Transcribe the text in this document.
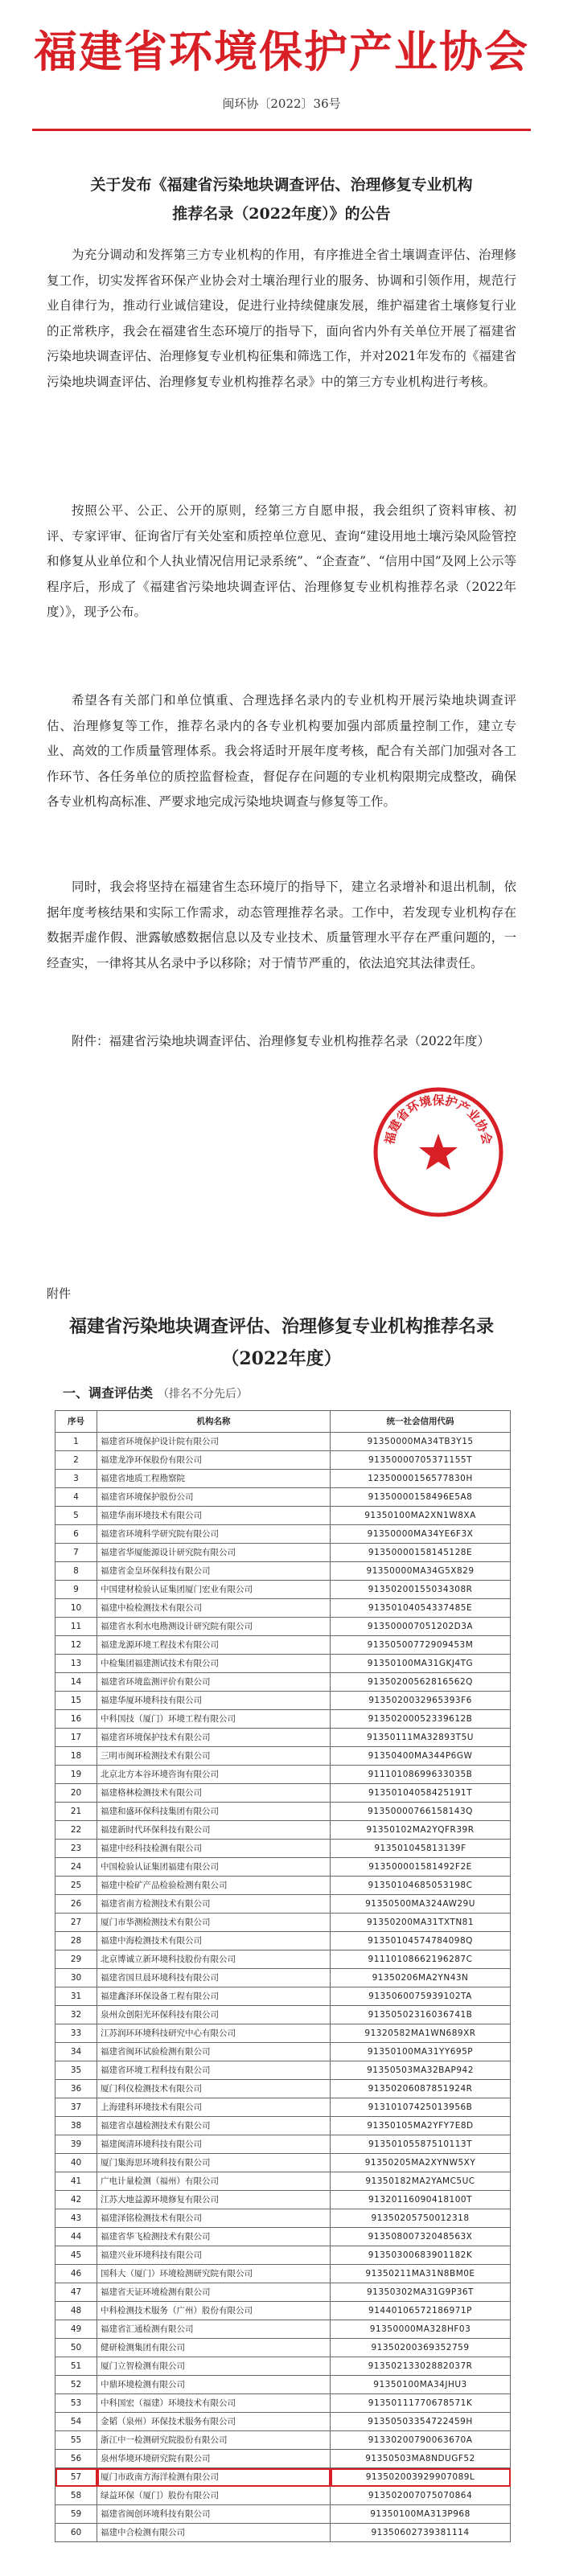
福建省环境保护产业协会
闽环协〔2022〕36号
关于发布《福建省污染地块调查评估、治理修复专业机构
推荐名录（2022年度）》的公告

为充分调动和发挥第三方专业机构的作用，有序推进全省土壤调查评估、治理修复工作，切实发挥省环保产业协会对土壤治理行业的服务、协调和引领作用，规范行业自律行为，推动行业诚信建设，促进行业持续健康发展，维护福建省土壤修复行业的正常秩序，我会在福建省生态环境厅的指导下，面向省内外有关单位开展了福建省污染地块调查评估、治理修复专业机构征集和筛选工作，并对2021年发布的《福建省污染地块调查评估、治理修复专业机构推荐名录》中的第三方专业机构进行考核。

按照公平、公正、公开的原则，经第三方自愿申报，我会组织了资料审核、初评、专家评审、征询省厅有关处室和质控单位意见、查询“建设用地土壤污染风险管控和修复从业单位和个人执业情况信用记录系统”、“企查查”、“信用中国”及网上公示等程序后，形成了《福建省污染地块调查评估、治理修复专业机构推荐名录（2022年度）》，现予公布。

希望各有关部门和单位慎重、合理选择名录内的专业机构开展污染地块调查评估、治理修复等工作，推荐名录内的各专业机构要加强内部质量控制工作，建立专业、高效的工作质量管理体系。我会将适时开展年度考核，配合有关部门加强对各工作环节、各任务单位的质控监督检查，督促存在问题的专业机构限期完成整改，确保各专业机构高标准、严要求地完成污染地块调查与修复等工作。

同时，我会将坚持在福建省生态环境厅的指导下，建立名录增补和退出机制，依据年度考核结果和实际工作需求，动态管理推荐名录。工作中，若发现专业机构存在数据弄虚作假、泄露敏感数据信息以及专业技术、质量管理水平存在严重问题的，一经查实，一律将其从名录中予以移除；对于情节严重的，依法追究其法律责任。

附件：福建省污染地块调查评估、治理修复专业机构推荐名录（2022年度）

福建省环境保护产业协会
附件
福建省污染地块调查评估、治理修复专业机构推荐名录
（2022年度）
一、调查评估类 （排名不分先后）
序号	机构名称	统一社会信用代码
1	福建省环境保护设计院有限公司	91350000MA34TB3Y15
2	福建龙净环保股份有限公司	91350000705371155T
3	福建省地质工程勘察院	12350000156577830H
4	福建省环境保护股份公司	91350000158496E5A8
5	福建华南环境技术有限公司	91350100MA2XN1W8XA
6	福建省环境科学研究院有限公司	91350000MA34YE6F3X
7	福建省华厦能源设计研究院有限公司	91350000158145128E
8	福建省金皇环保科技有限公司	91350000MA34G5X829
9	中国建材检验认证集团厦门宏业有限公司	91350200155034308R
10	福建中检检测技术有限公司	91350104054337485E
11	福建省水利水电勘测设计研究院有限公司	913500007051202D3A
12	福建龙源环境工程技术有限公司	91350500772909453M
13	中检集团福建测试技术有限公司	91350100MA31GKJ4TG
14	福建省环境监测评价有限公司	91350200562816562Q
15	福建华厦环境科技有限公司	9135020032965393F6
16	中科国技（厦门）环境工程有限公司	91350200052339612B
17	福建省环境保护技术有限公司	91350111MA32893T5U
18	三明市闽环检测技术有限公司	91350400MA344P6GW
19	北京北方本谷环境咨询有限公司	91110108699633035B
20	福建格林检测技术有限公司	91350104058425191T
21	福建和盛环保科技集团有限公司	91350000766158143Q
22	福建新时代环保科技有限公司	91350102MA2YQFR39R
23	福建中经科技检测有限公司	913501045813139F
24	中国检验认证集团福建有限公司	913500001581492F2E
25	福建中检矿产品检验检测有限公司	91350104685053198C
26	福建省南方检测技术有限公司	91350500MA324AW29U
27	厦门市华测检测技术有限公司	91350200MA31TXTN81
28	福建中海检测技术有限公司	91350104574784098Q
29	北京博诚立新环境科技股份有限公司	91110108662196287C
30	福建省国旦晨环境科技有限公司	91350206MA2YN43N
31	福建鑫泽环保设备工程有限公司	9135060075939102TA
32	泉州众创阳光环保科技有限公司	91350502316036741B
33	江苏润环环境科技研究中心有限公司	91320582MA1WN689XR
34	福建省闽环试验检测有限公司	91350100MA31YY695P
35	福建省环境工程科技有限公司	91350503MA32BAP942
36	厦门科仪检测技术有限公司	91350206087851924R
37	上海建科环境技术有限公司	91310107425013956B
38	福建省卓越检测技术有限公司	91350105MA2YFY7E8D
39	福建闽清环境科技有限公司	91350105587510113T
40	厦门集海思环境科技有限公司	91350205MA2XYNW5XY
41	广电计量检测（福州）有限公司	91350182MA2YAMC5UC
42	江苏大地益源环境修复有限公司	91320116090418100T
43	福建泽铭检测技术有限公司	91350205750012318
44	福建省华飞检测技术有限公司	91350800732048563X
45	福建兴业环境科技有限公司	91350300683901182K
46	国科大（厦门）环境检测研究院有限公司	91350211MA31N8BM0E
47	福建省天证环境检测有限公司	91350302MA31G9P36T
48	中科检测技术服务（广州）股份有限公司	91440106572186971P
49	福建省汇通检测有限公司	91350000MA328HF03
50	健研检测集团有限公司	91350200369352759
51	厦门立智检测有限公司	91350213302882037R
52	中鼎环境检测有限公司	91350100MA34JHU3
53	中科国宏（福建）环境技术有限公司	91350111770678571K
54	金韬（泉州）环保技术服务有限公司	91350503354722459H
55	浙江中一检测研究院股份有限公司	91330200790063670A
56	泉州华境环境研究院有限公司	91350503MA8NDUGF52
57	厦门市政南方海洋检测有限公司	913502003929907089L
58	绿益环保（厦门）股份有限公司	913502007075070864
59	福建省闽创环境科技有限公司	91350100MA313P968
60	福建中合检测有限公司	91350602739381114
